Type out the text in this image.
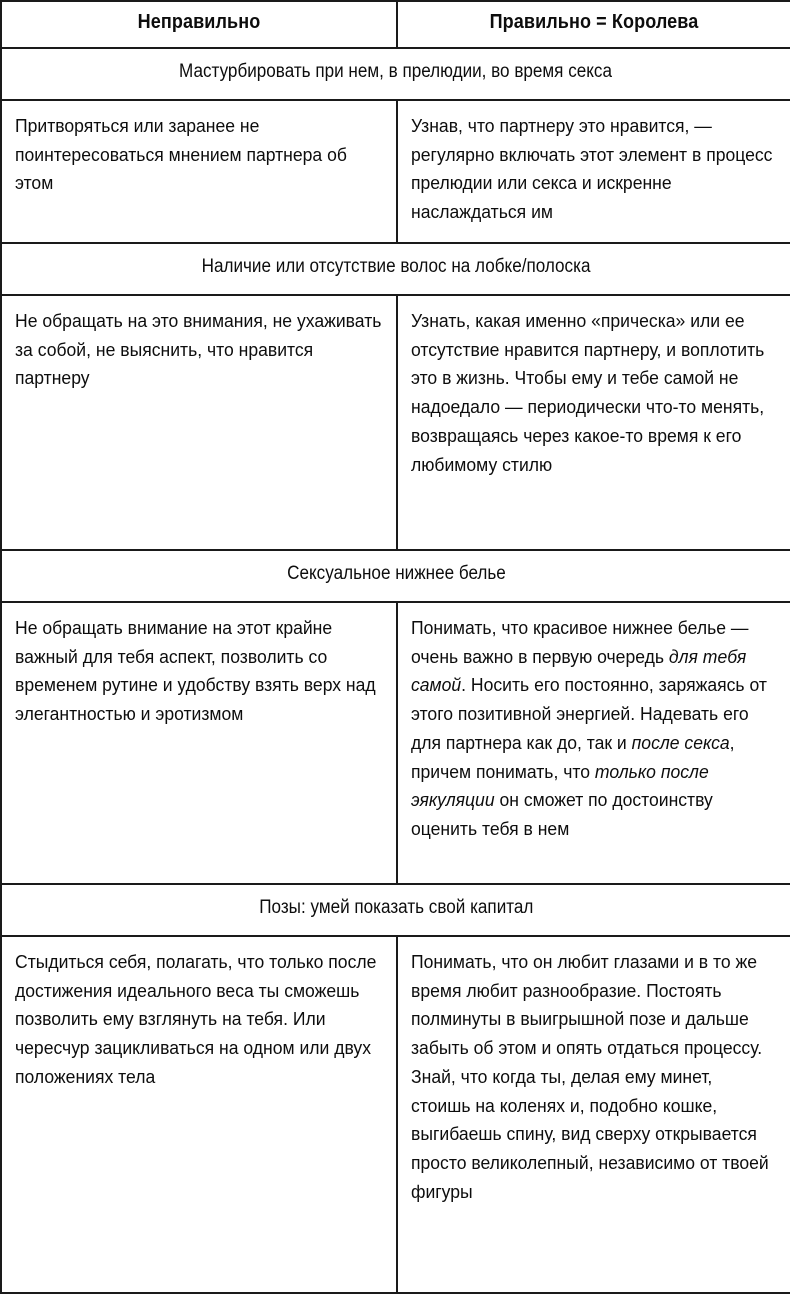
Неправильно	Правильно = Королева
Мастурбировать при нем, в прелюдии, во время секса	

Притворяться или заранее не поинтересоваться мнением партнера об этом	Узнав, что партнеру это нравится, — регулярно включать этот элемент в процесс прелюдии или секса и искренне наслаждаться им

Наличие или отсутствие волос на лобке/полоска	

Не обращать на это внимания, не ухаживать за собой, не выяснить, что нравится партнеру	Узнать, какая именно «прическа» или ее отсутствие нравится партнеру, и воплотить это в жизнь. Чтобы ему и тебе самой не надоедало — периодически что-то менять, возвращаясь через какое-то время к его любимому стилю

Сексуальное нижнее белье	

Не обращать внимание на этот крайне важный для тебя аспект, позволить со временем рутине и удобству взять верх над элегантностью и эротизмом	Понимать, что красивое нижнее белье — очень важно в первую очередь для тебя самой. Носить его постоянно, заряжаясь от этого позитивной энергией. Надевать его для партнера как до, так и после секса, причем понимать, что только после эякуляции он сможет по достоинству оценить тебя в нем

Позы: умей показать свой капитал	

Стыдиться себя, полагать, что только после достижения идеального веса ты сможешь позволить ему взглянуть на тебя. Или чересчур зацикливаться на одном или двух положениях тела	Понимать, что он любит глазами и в то же время любит разнообразие. Постоять полминуты в выигрышной позе и дальше забыть об этом и опять отдаться процессу. Знай, что когда ты, делая ему минет, стоишь на коленях и, подобно кошке, выгибаешь спину, вид сверху открывается просто великолепный, независимо от твоей фигуры
